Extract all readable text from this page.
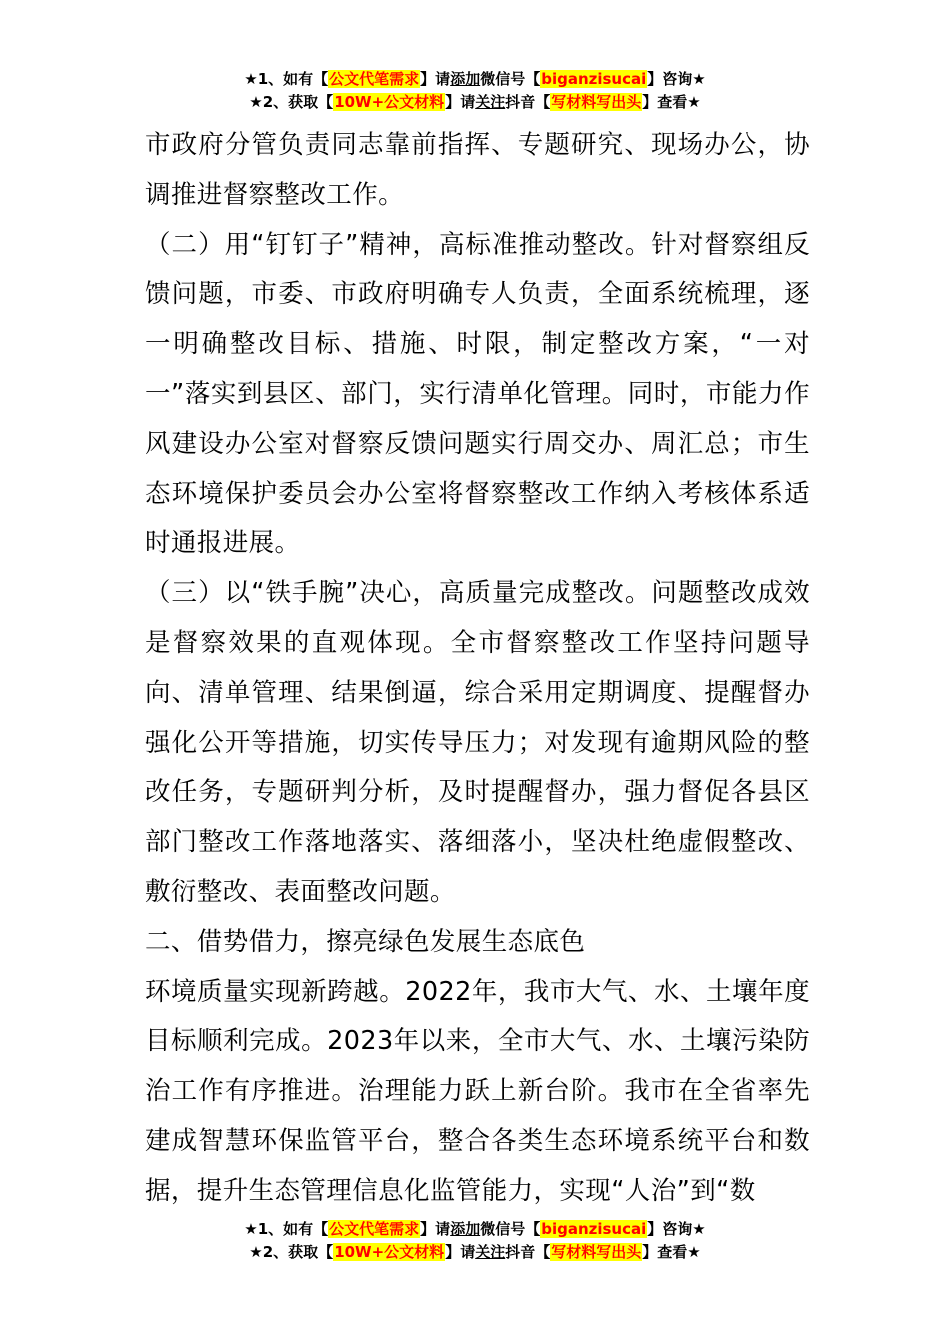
★1、如有【公文代笔需求】请添加微信号【biganzisucai】咨询★
★2、获取【10W+公文材料】请关注抖音【写材料写出头】查看★

市政府分管负责同志靠前指挥、专题研究、现场办公，协调推进督察整改工作。

（二）用“钉钉子”精神，高标准推动整改。针对督察组反馈问题，市委、市政府明确专人负责，全面系统梳理，逐一明确整改目标、措施、时限，制定整改方案，“一对一”落实到县区、部门，实行清单化管理。同时，市能力作风建设办公室对督察反馈问题实行周交办、周汇总；市生态环境保护委员会办公室将督察整改工作纳入考核体系适时通报进展。

（三）以“铁手腕”决心，高质量完成整改。问题整改成效是督察效果的直观体现。全市督察整改工作坚持问题导向、清单管理、结果倒逼，综合采用定期调度、提醒督办强化公开等措施，切实传导压力；对发现有逾期风险的整改任务，专题研判分析，及时提醒督办，强力督促各县区部门整改工作落地落实、落细落小，坚决杜绝虚假整改、敷衍整改、表面整改问题。

二、借势借力，擦亮绿色发展生态底色

环境质量实现新跨越。2022年，我市大气、水、土壤年度目标顺利完成。2023年以来，全市大气、水、土壤污染防治工作有序推进。治理能力跃上新台阶。我市在全省率先建成智慧环保监管平台，整合各类生态环境系统平台和数据，提升生态管理信息化监管能力，实现“人治”到“数

★1、如有【公文代笔需求】请添加微信号【biganzisucai】咨询★
★2、获取【10W+公文材料】请关注抖音【写材料写出头】查看★
